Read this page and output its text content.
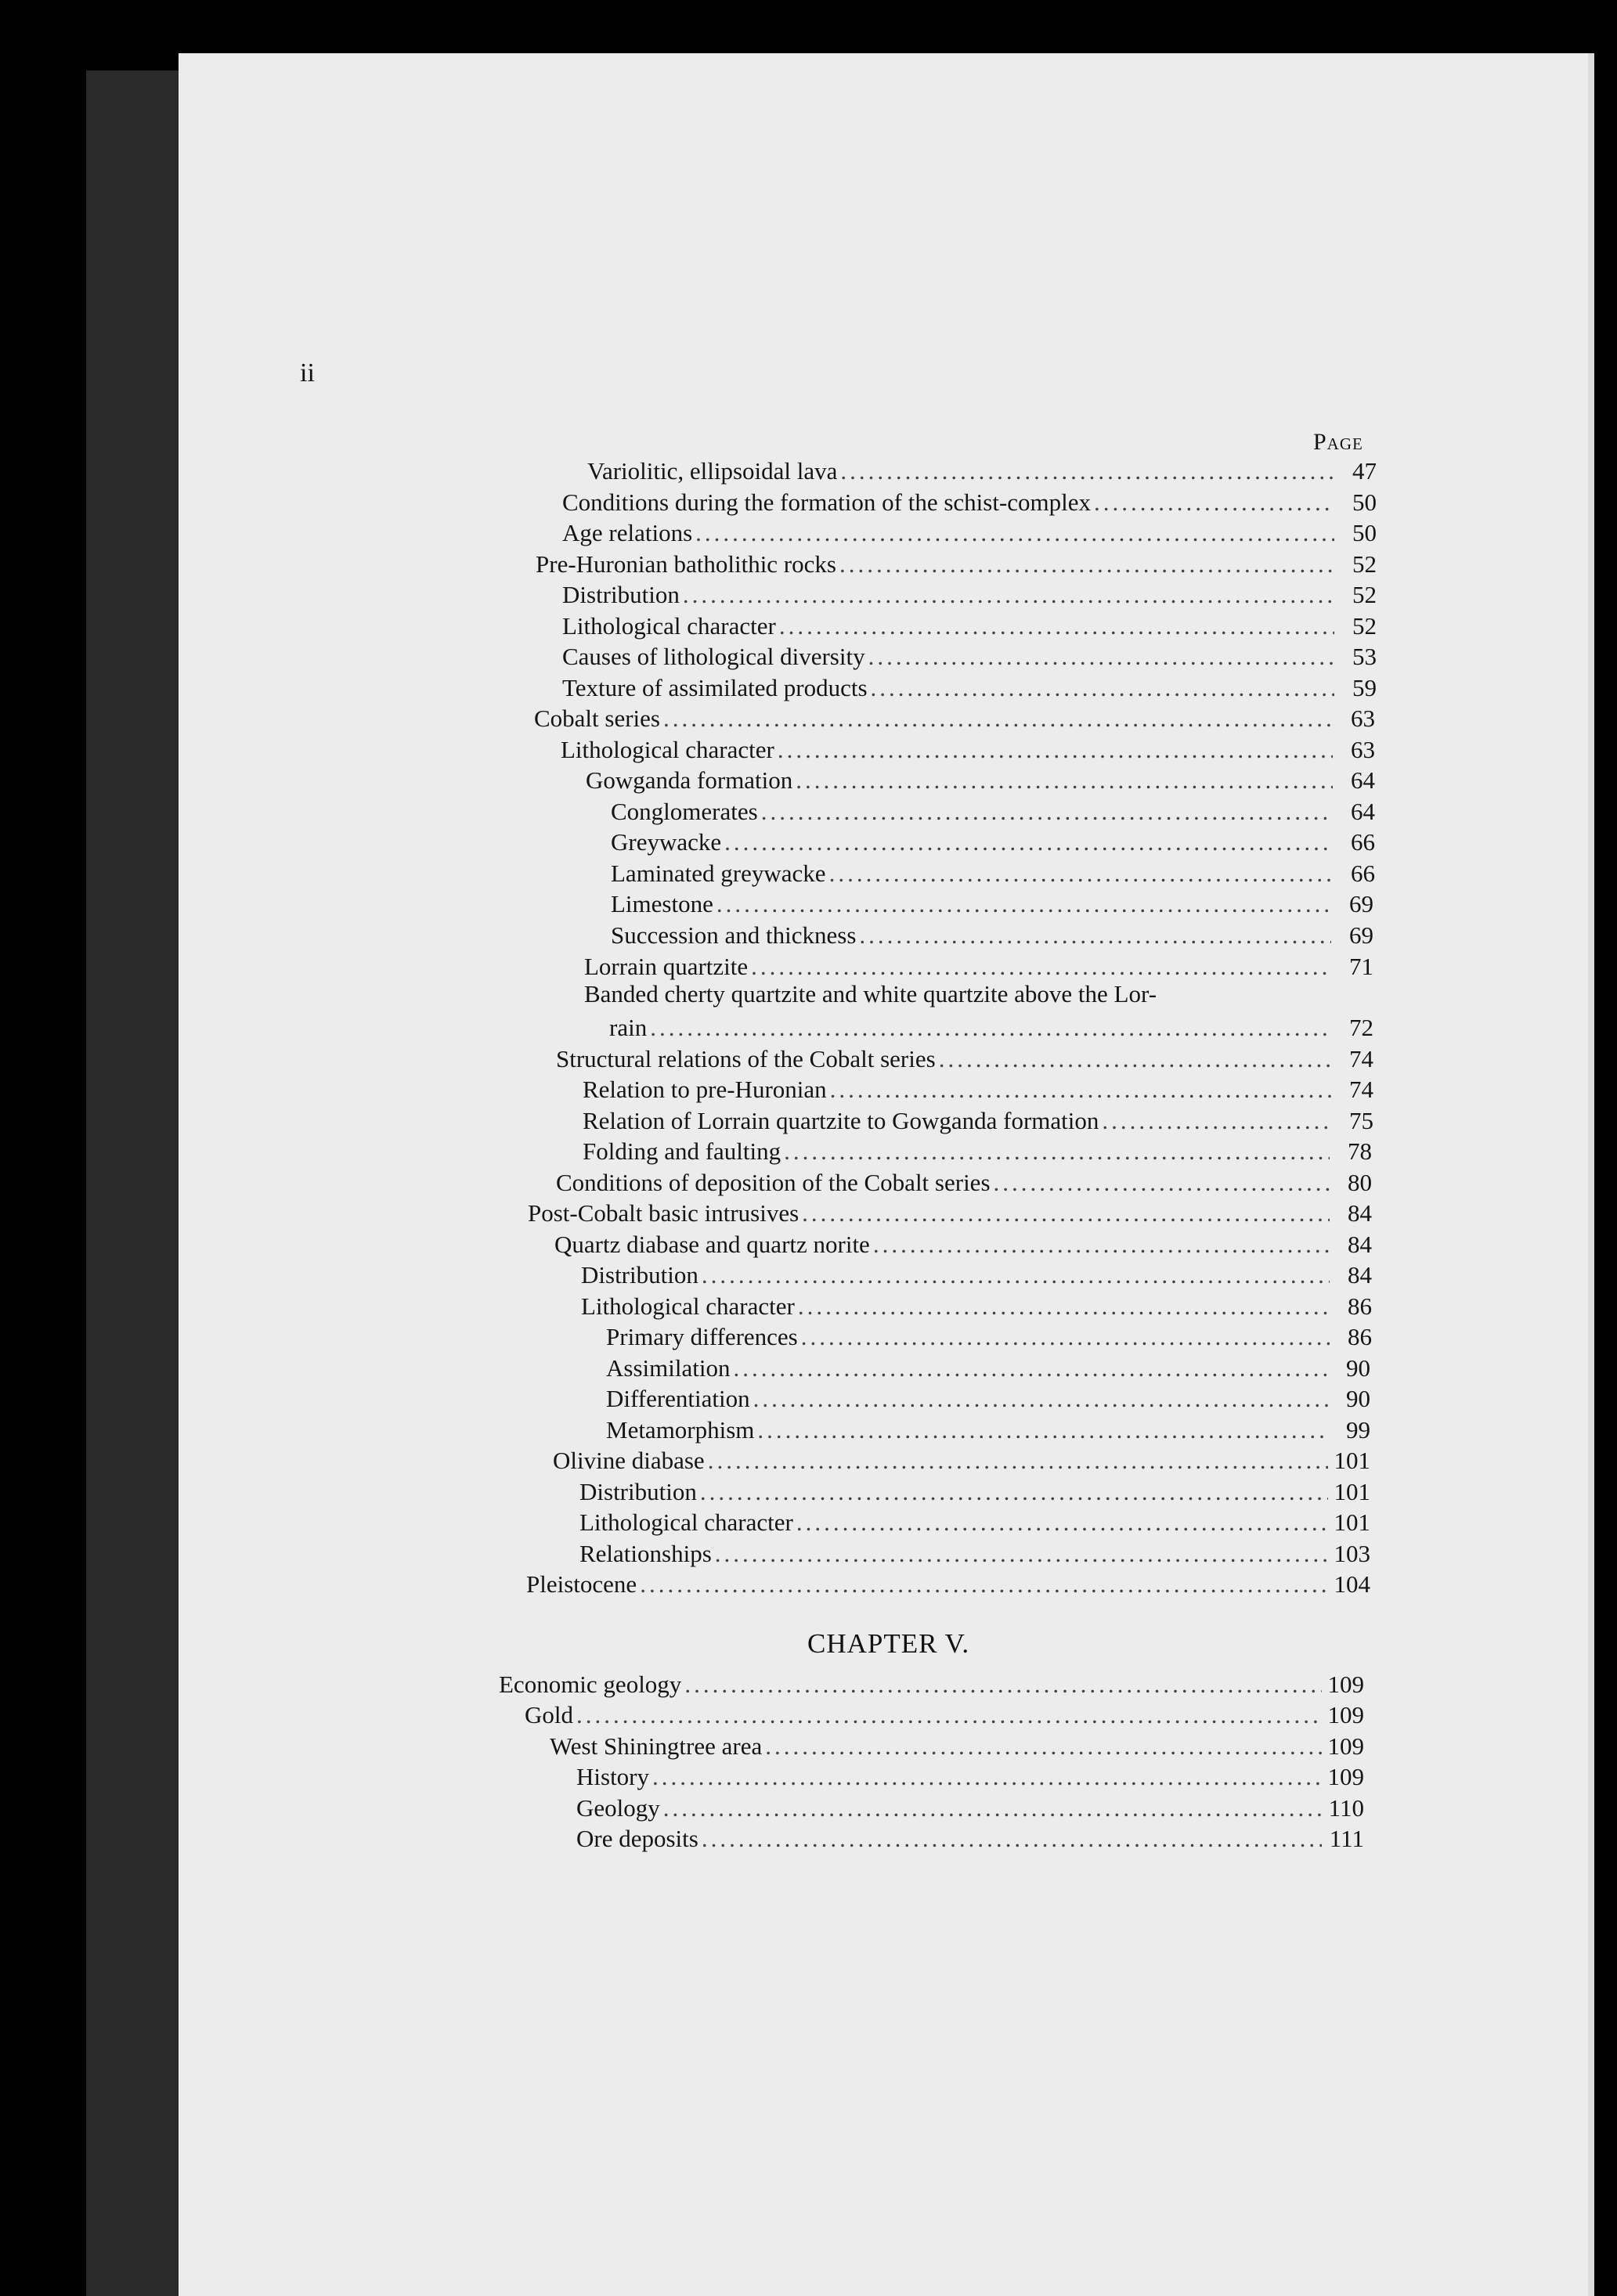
ii
Page
CHAPTER V.
Variolitic, ellipsoidal lava .....	47
Conditions during the formation of the schist-complex .....	50
Age relations .....	50
Pre-Huronian batholithic rocks .....	52
Distribution .....	52
Lithological character .....	52
Causes of lithological diversity .....	53
Texture of assimilated products .....	59
Cobalt series .....	63
Lithological character .....	63
Gowganda formation .....	64
Conglomerates .....	64
Greywacke .....	66
Laminated greywacke .....	66
Limestone .....	69
Succession and thickness .....	69
Lorrain quartzite .....	71
Banded cherty quartzite and white quartzite above the Lor-
rain .....	72
Structural relations of the Cobalt series .....	74
Relation to pre-Huronian .....	74
Relation of Lorrain quartzite to Gowganda formation .....	75
Folding and faulting .....	78
Conditions of deposition of the Cobalt series .....	80
Post-Cobalt basic intrusives .....	84
Quartz diabase and quartz norite .....	84
Distribution .....	84
Lithological character .....	86
Primary differences .....	86
Assimilation .....	90
Differentiation .....	90
Metamorphism .....	99
Olivine diabase .....	101
Distribution .....	101
Lithological character .....	101
Relationships .....	103
Pleistocene .....	104
Economic geology .....	109
Gold .....	109
West Shiningtree area .....	109
History .....	109
Geology .....	110
Ore deposits .....	111
